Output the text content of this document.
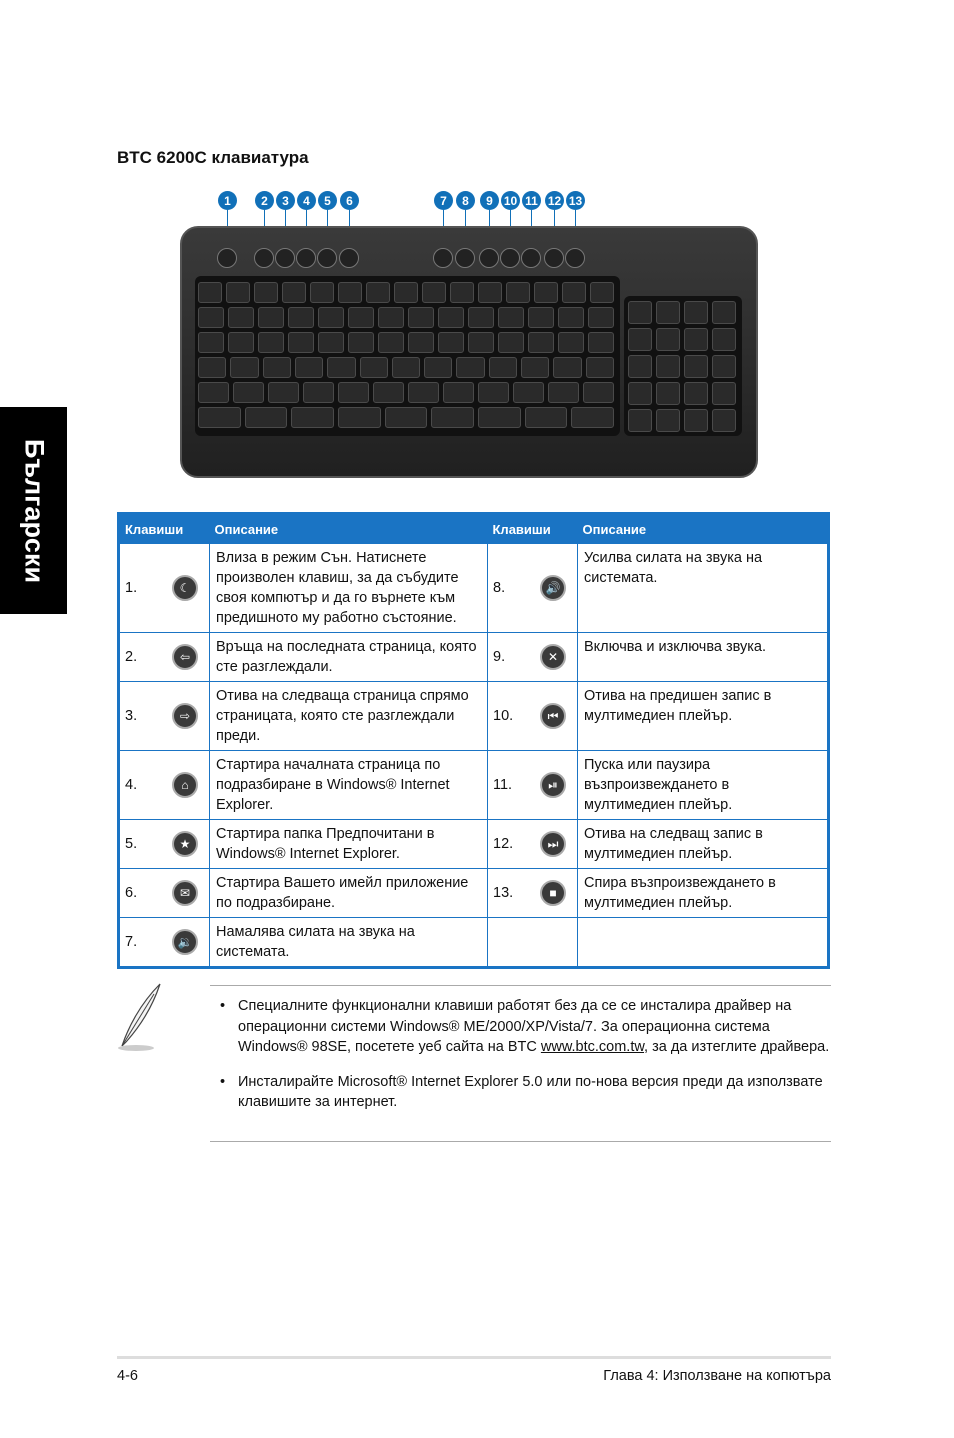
Български
BTC 6200C клавиатура
1	2	3	4	5	6	7	8	9 10 11 12 13
Клавиши		Описание	Клавиши		Описание
1.	☾	Влиза в режим Сън. Натиснете произволен клавиш, за да събудите своя компютър и да го върнете към предишното му работно състояние.	8.	🔊	Усилва силата на звука на системата.
2.	⇦	Връща на последната страница, която сте разглеждали.	9.	✕	Включва и изключва звука.
3.	⇨	Отива на следваща страница спрямо страницата, която сте разглеждали преди.	10.	⏮	Отива на предишен запис в мултимедиен плейър.
4.	⌂	Стартира началната страница по подразбиране в Windows® Internet Explorer.	11.	⏯	Пуска или паузира възпроизвеждането в мултимедиен плейър.
5.	★	Стартира папка Предпочитани в Windows® Internet Explorer.	12.	⏭	Отива на следващ запис в мултимедиен плейър.
6.	✉	Стартира Вашето имейл приложение по подразбиране.	13.	■	Спира възпроизвеждането в мултимедиен плейър.
7.	🔉	Намалява силата на звука на системата.			
• Специалните функционални клавиши работят без да се се инсталира драйвер на операционни системи Windows® ME/2000/XP/Vista/7. За операционна система Windows® 98SE, посетете уеб сайта на BTC www.btc.com.tw, за да изтеглите драйвера.
• Инсталирайте Microsoft® Internet Explorer 5.0 или по-нова версия преди да използвате клавишите за интернет.
4-6	Глава 4: Използване на копютъра
